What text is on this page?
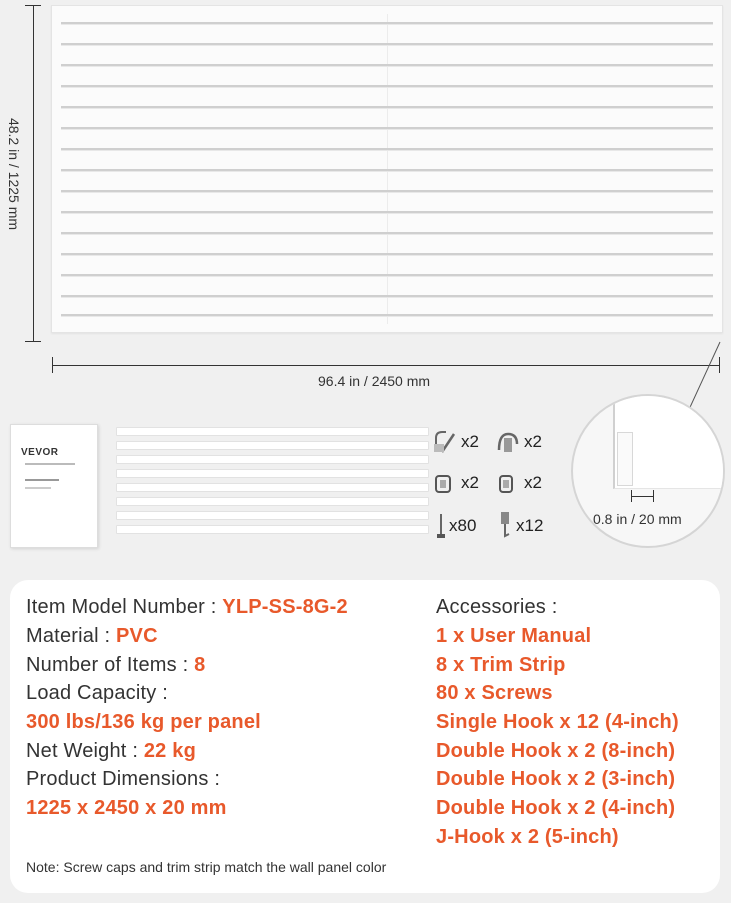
48.2 in / 1225 mm
96.4 in / 2450 mm
VEVOR
x2	x2
x2	x2
x80 x12	0.8 in / 20 mm
Item Model Number : YLP-SS-8G-2
Material : PVC
Number of Items : 8
Load Capacity :
300 lbs/136 kg per panel
Net Weight : 22 kg
Product Dimensions :
1225 x 2450 x 20 mm
Accessories :
1 x User Manual
8 x Trim Strip
80 x Screws
Single Hook x 12 (4-inch)
Double Hook x 2 (8-inch)
Double Hook x 2 (3-inch)
Double Hook x 2 (4-inch)
J-Hook x 2 (5-inch)
Note: Screw caps and trim strip match the wall panel color
